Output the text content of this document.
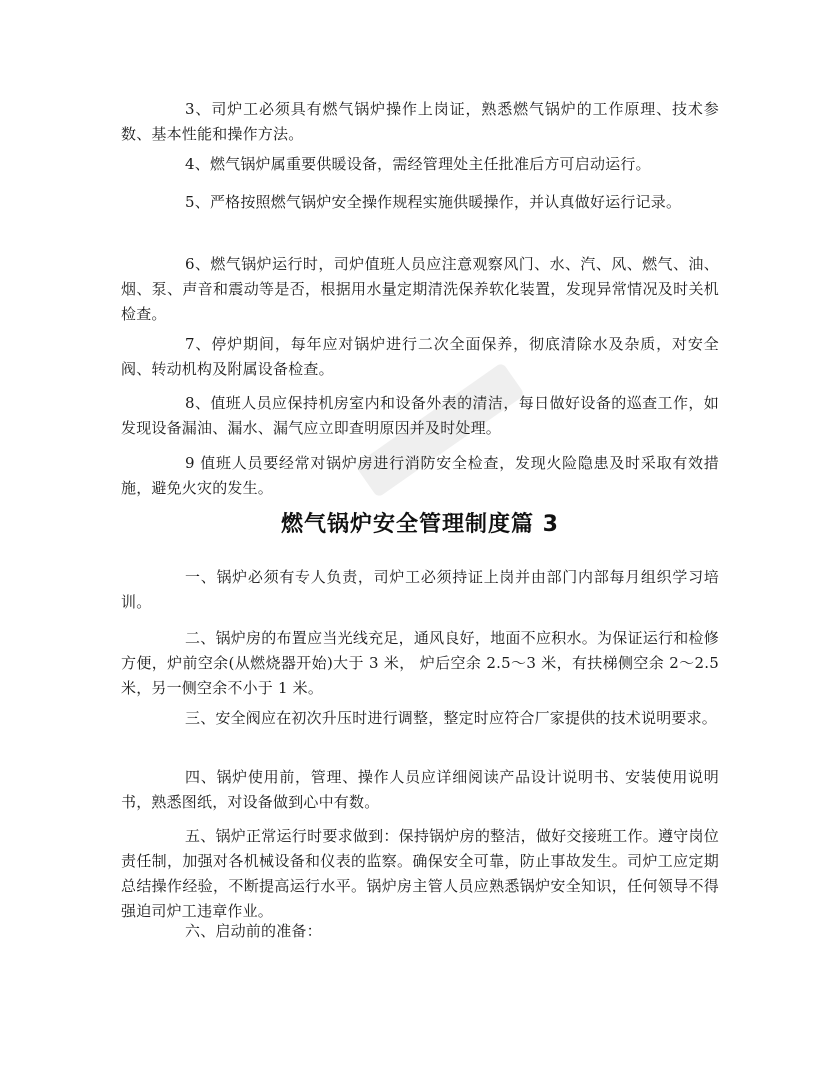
3、司炉工必须具有燃气锅炉操作上岗证，熟悉燃气锅炉的工作原理、技术参数、基本性能和操作方法。

4、燃气锅炉属重要供暖设备，需经管理处主任批准后方可启动运行。

5、严格按照燃气锅炉安全操作规程实施供暖操作，并认真做好运行记录。

6、燃气锅炉运行时，司炉值班人员应注意观察风门、水、汽、风、燃气、油、烟、泵、声音和震动等是否，根据用水量定期清洗保养软化装置，发现异常情况及时关机检查。

7、停炉期间，每年应对锅炉进行二次全面保养，彻底清除水及杂质，对安全阀、转动机构及附属设备检查。

8、值班人员应保持机房室内和设备外表的清洁，每日做好设备的巡查工作，如发现设备漏油、漏水、漏气应立即查明原因并及时处理。

9 值班人员要经常对锅炉房进行消防安全检查，发现火险隐患及时采取有效措施，避免火灾的发生。

燃气锅炉安全管理制度篇 3

一、锅炉必须有专人负责，司炉工必须持证上岗并由部门内部每月组织学习培训。

二、锅炉房的布置应当光线充足，通风良好，地面不应积水。为保证运行和检修方便，炉前空余(从燃烧器开始)大于 3 米， 炉后空余 2.5～3 米，有扶梯侧空余 2～2.5 米，另一侧空余不小于 1 米。

三、安全阀应在初次升压时进行调整，整定时应符合厂家提供的技术说明要求。

四、锅炉使用前，管理、操作人员应详细阅读产品设计说明书、安装使用说明书，熟悉图纸，对设备做到心中有数。

五、锅炉正常运行时要求做到：保持锅炉房的整洁，做好交接班工作。遵守岗位责任制，加强对各机械设备和仪表的监察。确保安全可靠，防止事故发生。司炉工应定期总结操作经验，不断提高运行水平。锅炉房主管人员应熟悉锅炉安全知识，任何领导不得强迫司炉工违章作业。

六、启动前的准备：
